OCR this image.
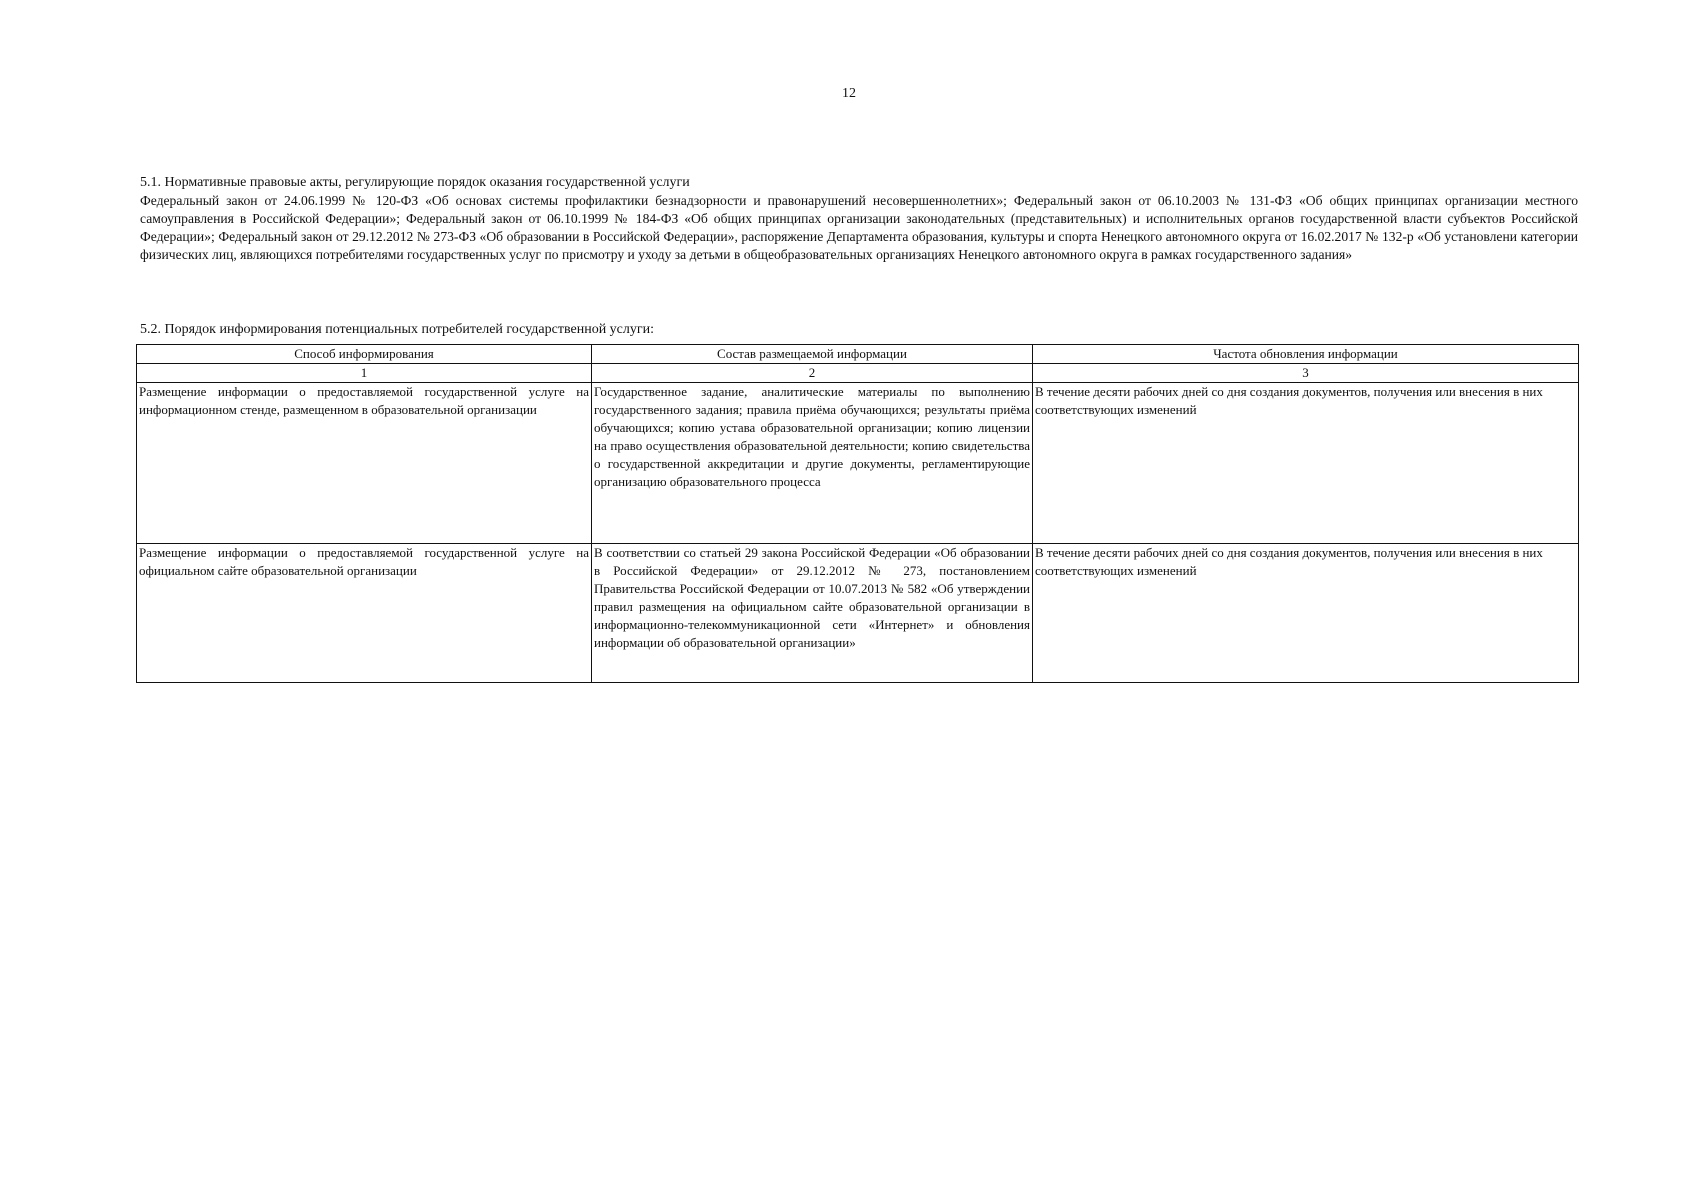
12

5.1. Нормативные правовые акты, регулирующие порядок оказания государственной услуги

Федеральный закон от 24.06.1999 № 120-ФЗ «Об основах системы профилактики безнадзорности и правонарушений несовершеннолетних»; Федеральный закон от 06.10.2003 № 131-ФЗ «Об общих принципах организации местного самоуправления в Российской Федерации»; Федеральный закон от 06.10.1999 № 184-ФЗ «Об общих принципах организации законодательных (представительных) и исполнительных органов государственной власти субъектов Российской Федерации»; Федеральный закон от 29.12.2012 № 273-ФЗ «Об образовании в Российской Федерации», распоряжение Департамента образования, культуры и спорта Ненецкого автономного округа от 16.02.2017 № 132-р «Об установлени категории физических лиц, являющихся потребителями государственных услуг по присмотру и уходу за детьми в общеобразовательных организациях Ненецкого автономного округа в рамках государственного задания»

5.2. Порядок информирования потенциальных потребителей государственной услуги:

Способ информирования	Состав размещаемой информации	Частота обновления информации
1	2	3
Размещение информации о предоставляемой государственной услуге на информационном стенде, размещенном в образовательной организации	Государственное задание, аналитические материалы по выполнению государственного задания; правила приёма обучающихся; результаты приёма обучающихся; копию устава образовательной организации; копию лицензии на право осуществления образовательной деятельности; копию свидетельства о государственной аккредитации и другие документы, регламентирующие организацию образовательного процесса	В течение десяти рабочих дней со дня создания документов, получения или внесения в них соответствующих изменений
Размещение информации о предоставляемой государственной услуге на официальном сайте образовательной организации	В соответствии со статьей 29 закона Российской Федерации «Об образовании в Российской Федерации» от 29.12.2012 № 273, постановлением Правительства Российской Федерации от 10.07.2013 № 582 «Об утверждении правил размещения на официальном сайте образовательной организации в информационно-телекоммуникационной сети «Интернет» и обновления информации об образовательной организации»	В течение десяти рабочих дней со дня создания документов, получения или внесения в них соответствующих изменений
